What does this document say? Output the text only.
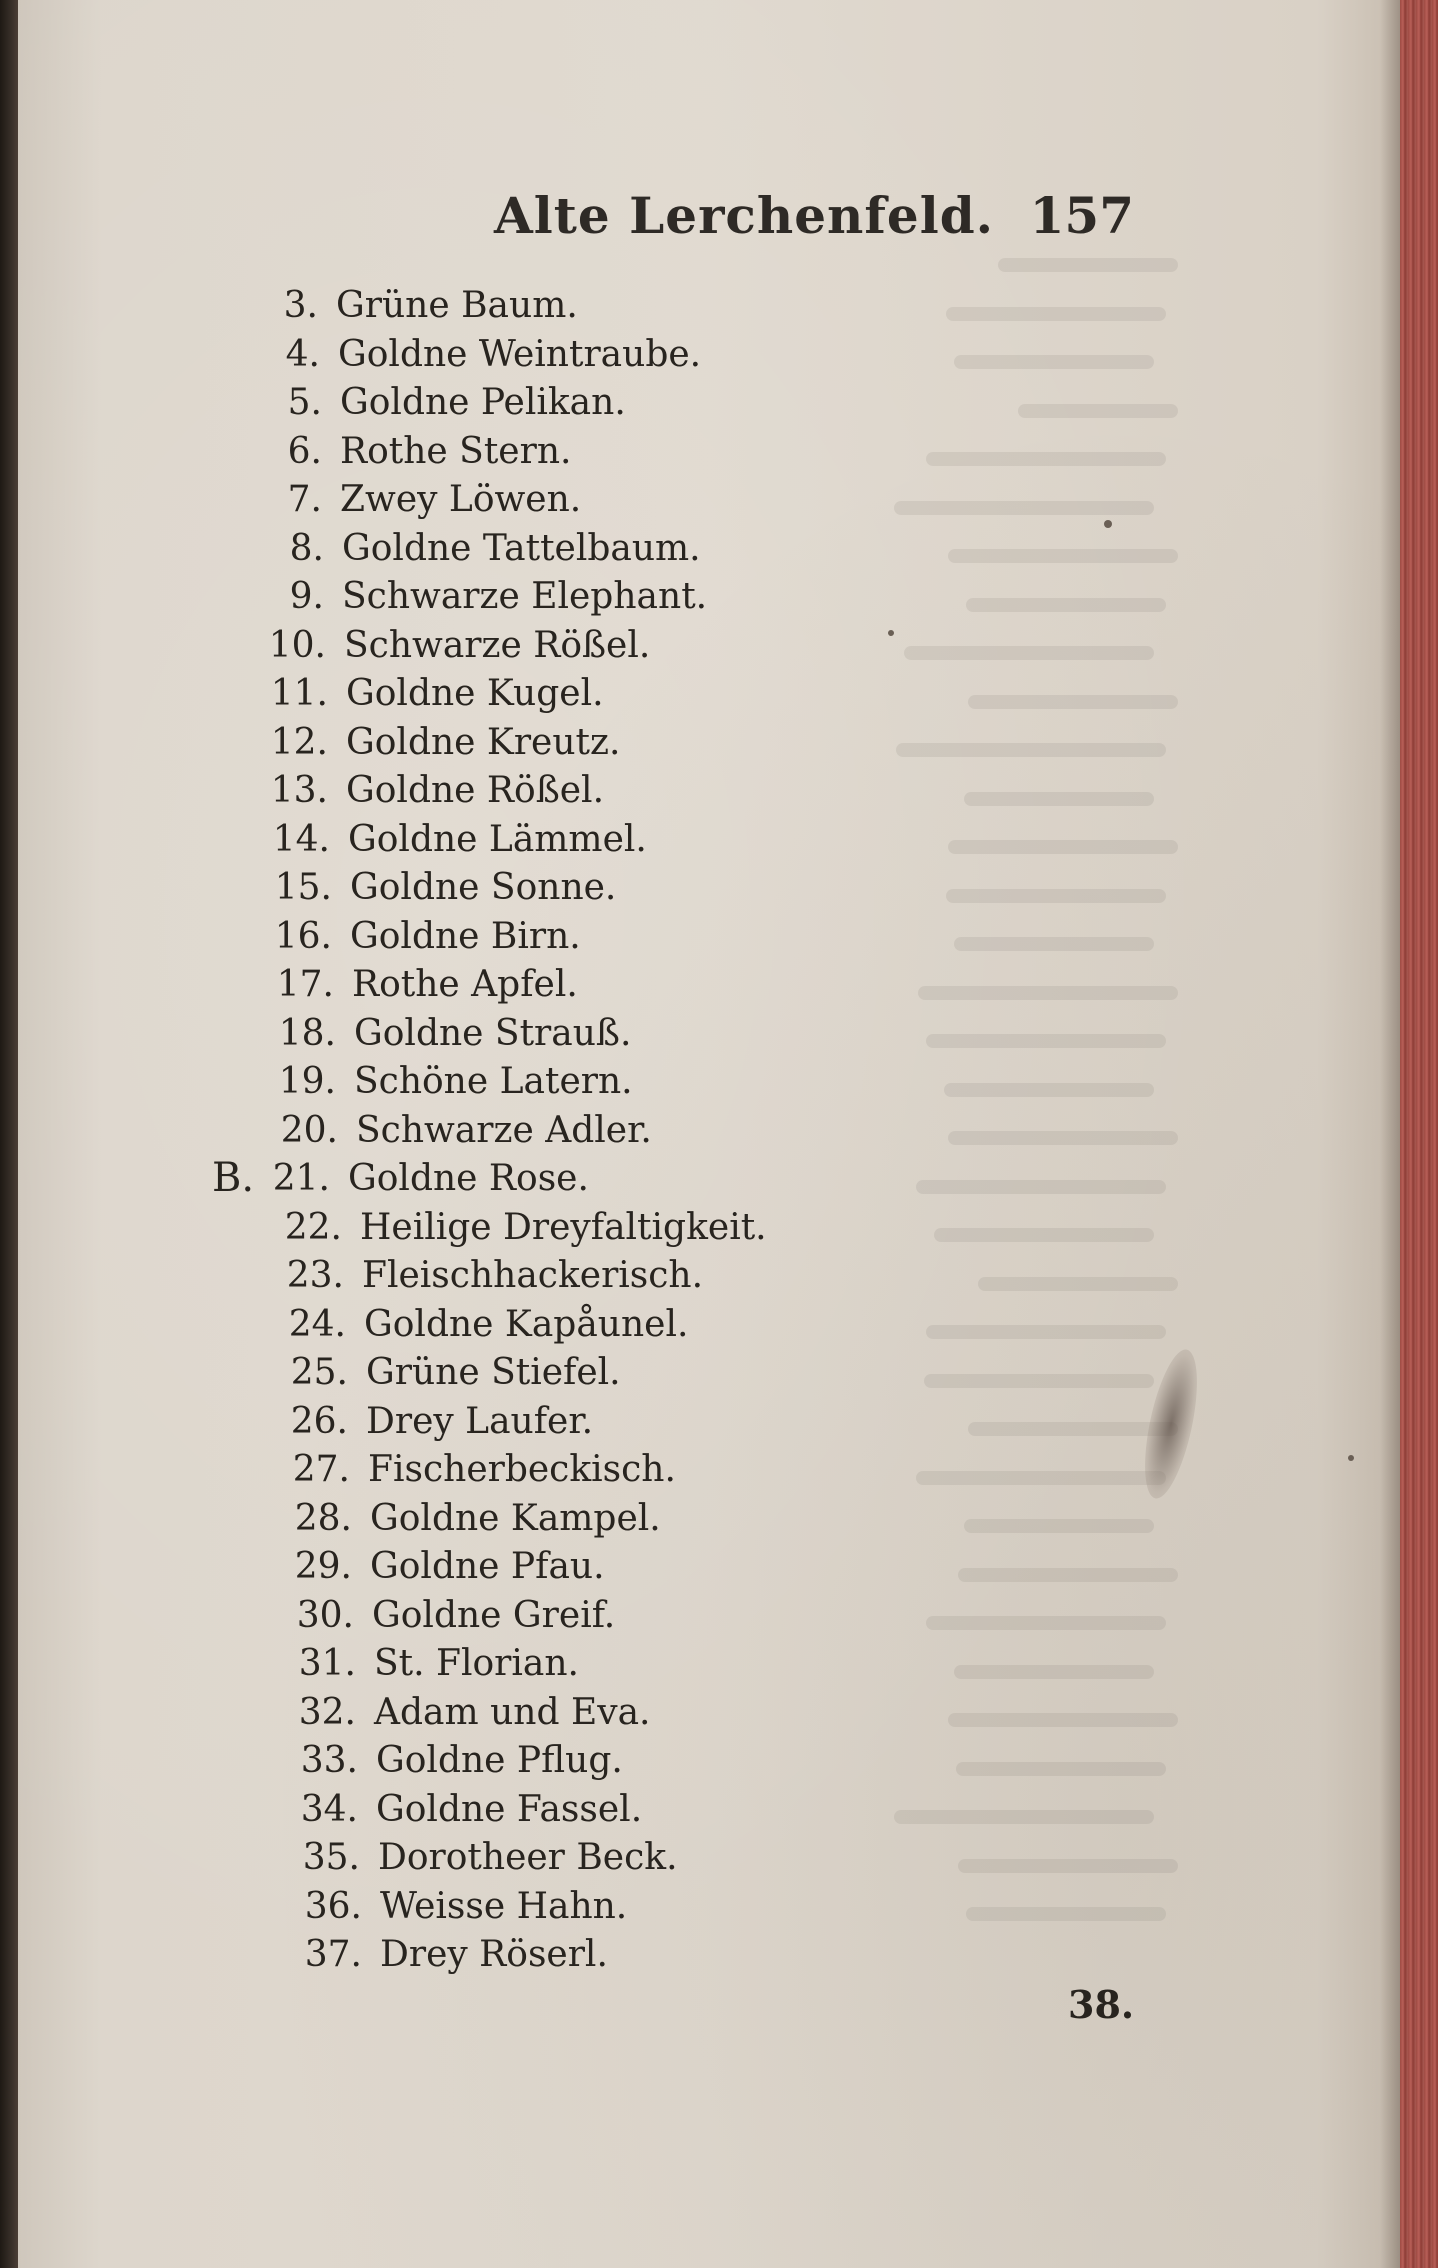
Alte Lerchenfeld. 157
3. Grüne Baum.
4. Goldne Weintraube.
5. Goldne Pelikan.
6. Rothe Stern.
7. Zwey Löwen.
8. Goldne Tattelbaum.
9. Schwarze Elephant.
10. Schwarze Rößel.
11. Goldne Kugel.
12. Goldne Kreutz.
13. Goldne Rößel.
14. Goldne Lämmel.
15. Goldne Sonne.
16. Goldne Birn.
17. Rothe Apfel.
18. Goldne Strauß.
19. Schöne Latern.
20. Schwarze Adler.
B. 21. Goldne Rose.
22. Heilige Dreyfaltigkeit.
23. Fleischhackerisch.
24. Goldne Kapåunel.
25. Grüne Stiefel.
26. Drey Laufer.
27. Fischerbeckisch.
28. Goldne Kampel.
29. Goldne Pfau.
30. Goldne Greif.
31. St. Florian.
32. Adam und Eva.
33. Goldne Pflug.
34. Goldne Fassel.
35. Dorotheer Beck.
36. Weisse Hahn.
37. Drey Röserl.
38.
